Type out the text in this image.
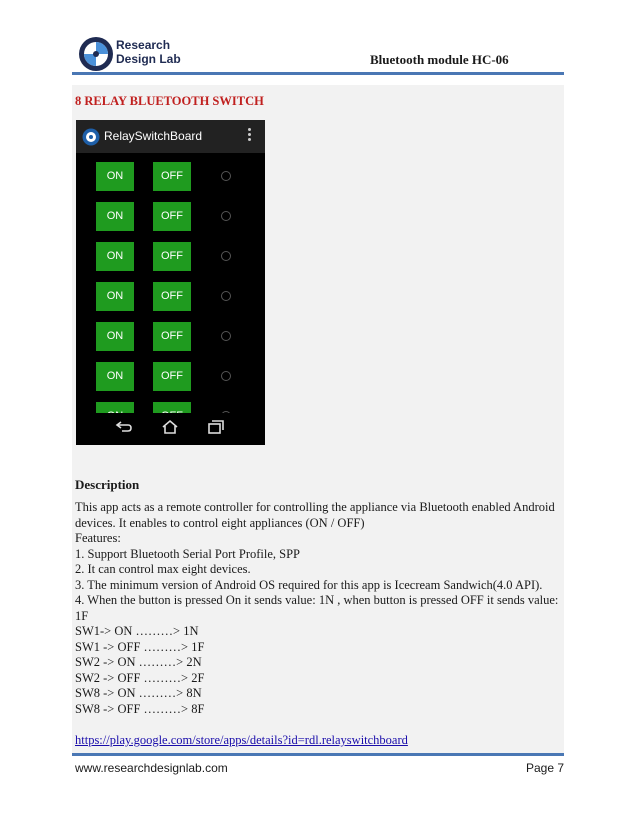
Research
Design Lab	Bluetooth module HC-06
8 RELAY BLUETOOTH SWITCH
RelaySwitchBoard
ON	OFF
ON	OFF
ON	OFF
ON	OFF
ON	OFF
ON	OFF
Description
This app acts as a remote controller for controlling the appliance via Bluetooth enabled Android
devices. It enables to control eight appliances (ON / OFF)
Features:
1. Support Bluetooth Serial Port Profile, SPP
2. It can control max eight devices.
3. The minimum version of Android OS required for this app is Icecream Sandwich(4.0 API).
4. When the button is pressed On it sends value: 1N , when button is pressed OFF it sends value:
1F
SW1-> ON ………> 1N
SW1 -> OFF ………> 1F
SW2 -> ON ………> 2N
SW2 -> OFF ………> 2F
SW8 -> ON ………> 8N
SW8 -> OFF ………> 8F
https://play.google.com/store/apps/details?id=rdl.relayswitchboard
www.researchdesignlab.com	Page 7
